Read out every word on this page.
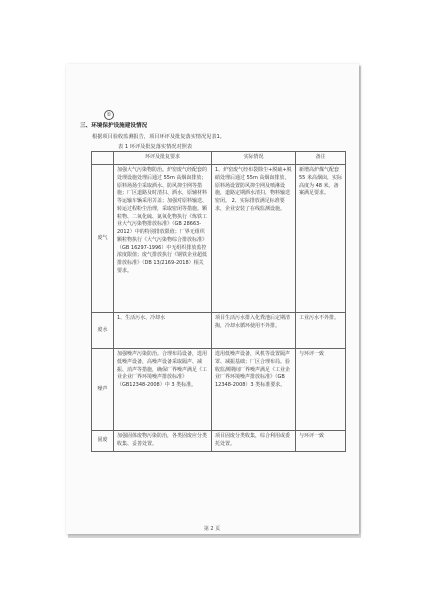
①
三、环境保护设施建设情况
根据项目验收监测报告，项目环评及批复落实情况见表1。
表 1 环评及批复落实情况对照表
	环评及批复要求	实际情况	备注
废气	加强大气污染物防治。炉窑废气经配套的处理设施处理后通过 55m 高烟囱排放；原料场扬尘采取洒水、防风抑尘网等措施；厂区道路及时清扫、洒水，原辅材料等运输车辆采用苫盖；加强对原料输送、转运过程粉尘治理，采取密闭等措施。颗粒物、二氧化硫、氮氧化物执行《炼铁工业大气污染物排放标准》（GB 28663-2012）中的特别排放限值；厂界无组织颗粒物执行《大气污染物综合排放标准》（GB 16297-1996）中无组织排放监控浓度限值；废气排放执行《钢铁企业超低排放标准》（DB 13/2169-2018）相关要求。	1、炉窑废气经布袋除尘+脱硫+脱硝处理后通过 55m 高烟囱排放，原料场设置防风抑尘网及喷淋设施，道路定期洒水清扫，物料输送密闭。 2、实际排放满足标准要求，企业安装了在线监测设施。	新增高炉煤气配套 55 米高烟囱，实际高度为 48 米。备案满足要求。
废水	1、生活污水、冷却水	项目生活污水排入化粪池后定期清掏，冷却水循环使用不外排。	工业污水不外排。
噪声	加强噪声污染防治。合理布局设备，选用低噪声设备，高噪声设备采取隔声、减振、消声等措施，确保厂界噪声满足《工业企业厂界环境噪声排放标准》（GB12348-2008）中 3 类标准。	选用低噪声设备，风机等设置隔声罩、减振基础；厂区合理布局。验收监测期间厂界噪声满足《工业企业厂界环境噪声排放标准》（GB 12348-2008）3 类标准要求。	与环评一致
固废	加强固体废物污染防治，各类固废应分类收集、妥善处置。	项目固废分类收集，综合利用或委托处置。	与环评一致
第 2 页
